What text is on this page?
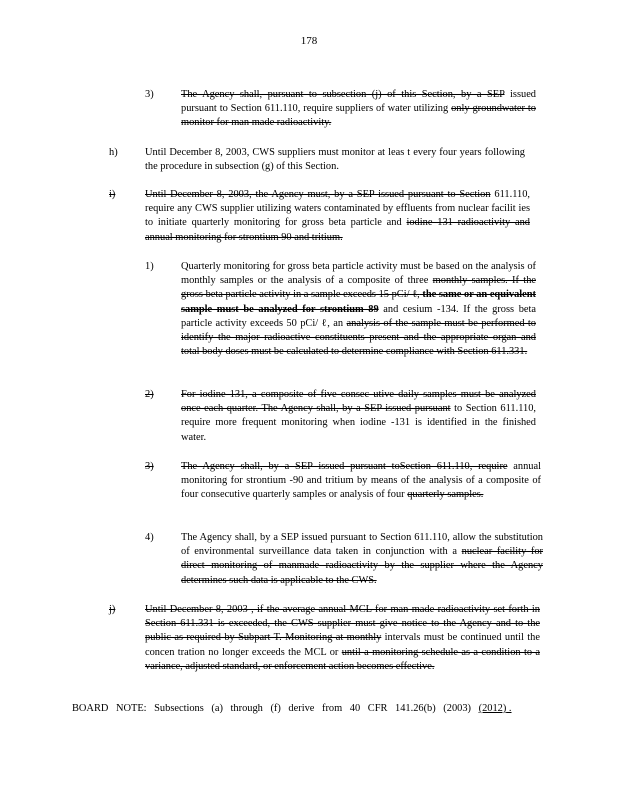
178
3)	The Agency shall, pursuant to subsection (j) of this Section, by a SEP issued pursuant to Section 611.110, require suppliers of water utilizing only groundwater to monitor for man made radioactivity.
h)	Until December 8, 2003, CWS suppliers must monitor at leas t every four years following the procedure in subsection (g) of this Section.
i)	Until December 8, 2003, the Agency must, by a SEP issued pursuant to Section 611.110, require any CWS supplier utilizing waters contaminated by effluents from nuclear facilit ies to initiate quarterly monitoring for gross beta particle and iodine 131 radioactivity and annual monitoring for strontium 90 and tritium.
1)	Quarterly monitoring for gross beta particle activity must be based on the analysis of monthly samples or the analysis of a composite of three monthly samples. If the gross beta particle activity in a sample exceeds 15 pCi/ ℓ, the same or an equivalent sample must be analyzed for strontium 89 and cesium -134. If the gross beta particle activity exceeds 50 pCi/ ℓ, an analysis of the sample must be performed to identify the major radioactive constituents present and the appropriate organ and total body doses must be calculated to determine compliance with Section 611.331.
2)	For iodine 131, a composite of five consec utive daily samples must be analyzed once each quarter. The Agency shall, by a SEP issued pursuant to Section 611.110, require more frequent monitoring when iodine -131 is identified in the finished water.
3)	The Agency shall, by a SEP issued pursuant toSection 611.110, require annual monitoring for strontium -90 and tritium by means of the analysis of a composite of four consecutive quarterly samples or analysis of four quarterly samples.
4)	The Agency shall, by a SEP issued pursuant to Section 611.110, allow the substitution of environmental surveillance data taken in conjunction with a nuclear facility for direct monitoring of manmade radioactivity by the supplier where the Agency determines such data is applicable to the CWS.
j)	Until December 8, 2003 , if the average annual MCL for man made radioactivity set forth in Section 611.331 is exceeded, the CWS supplier must give notice to the Agency and to the public as required by Subpart T. Monitoring at monthly intervals must be continued until the concen tration no longer exceeds the MCL or until a monitoring schedule as a condition to a variance, adjusted standard, or enforcement action becomes effective.
BOARD NOTE: Subsections (a) through (f) derive from 40 CFR 141.26(b) (2003) (2012) .
